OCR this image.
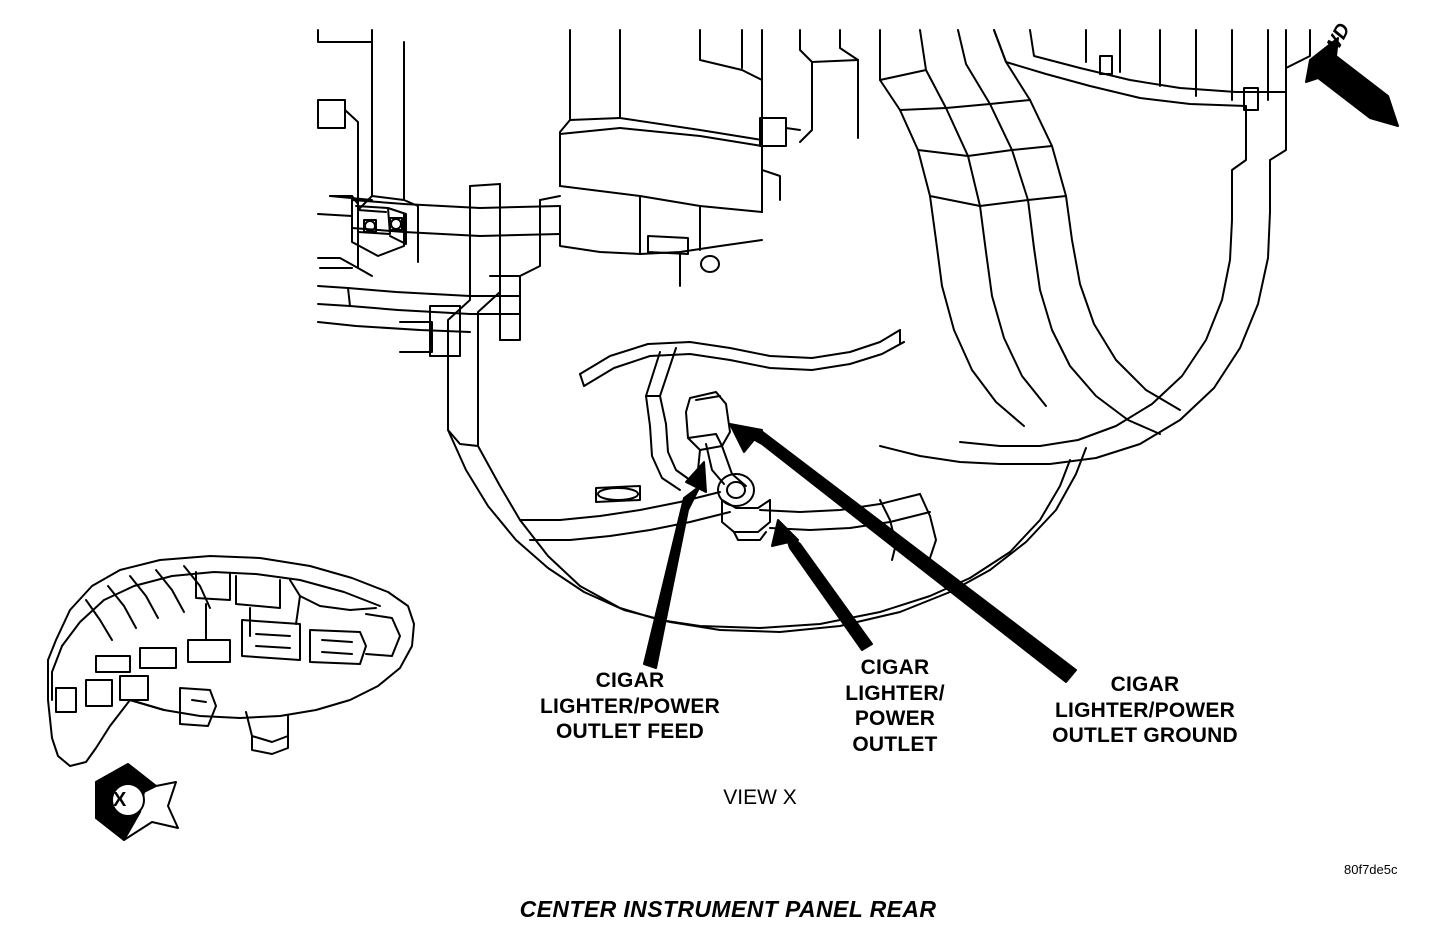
FWD
X
CIGAR
LIGHTER/POWER
OUTLET FEED
CIGAR
LIGHTER/
POWER
OUTLET
CIGAR
LIGHTER/POWER
OUTLET GROUND
VIEW X
CENTER INSTRUMENT PANEL REAR
80f7de5c
